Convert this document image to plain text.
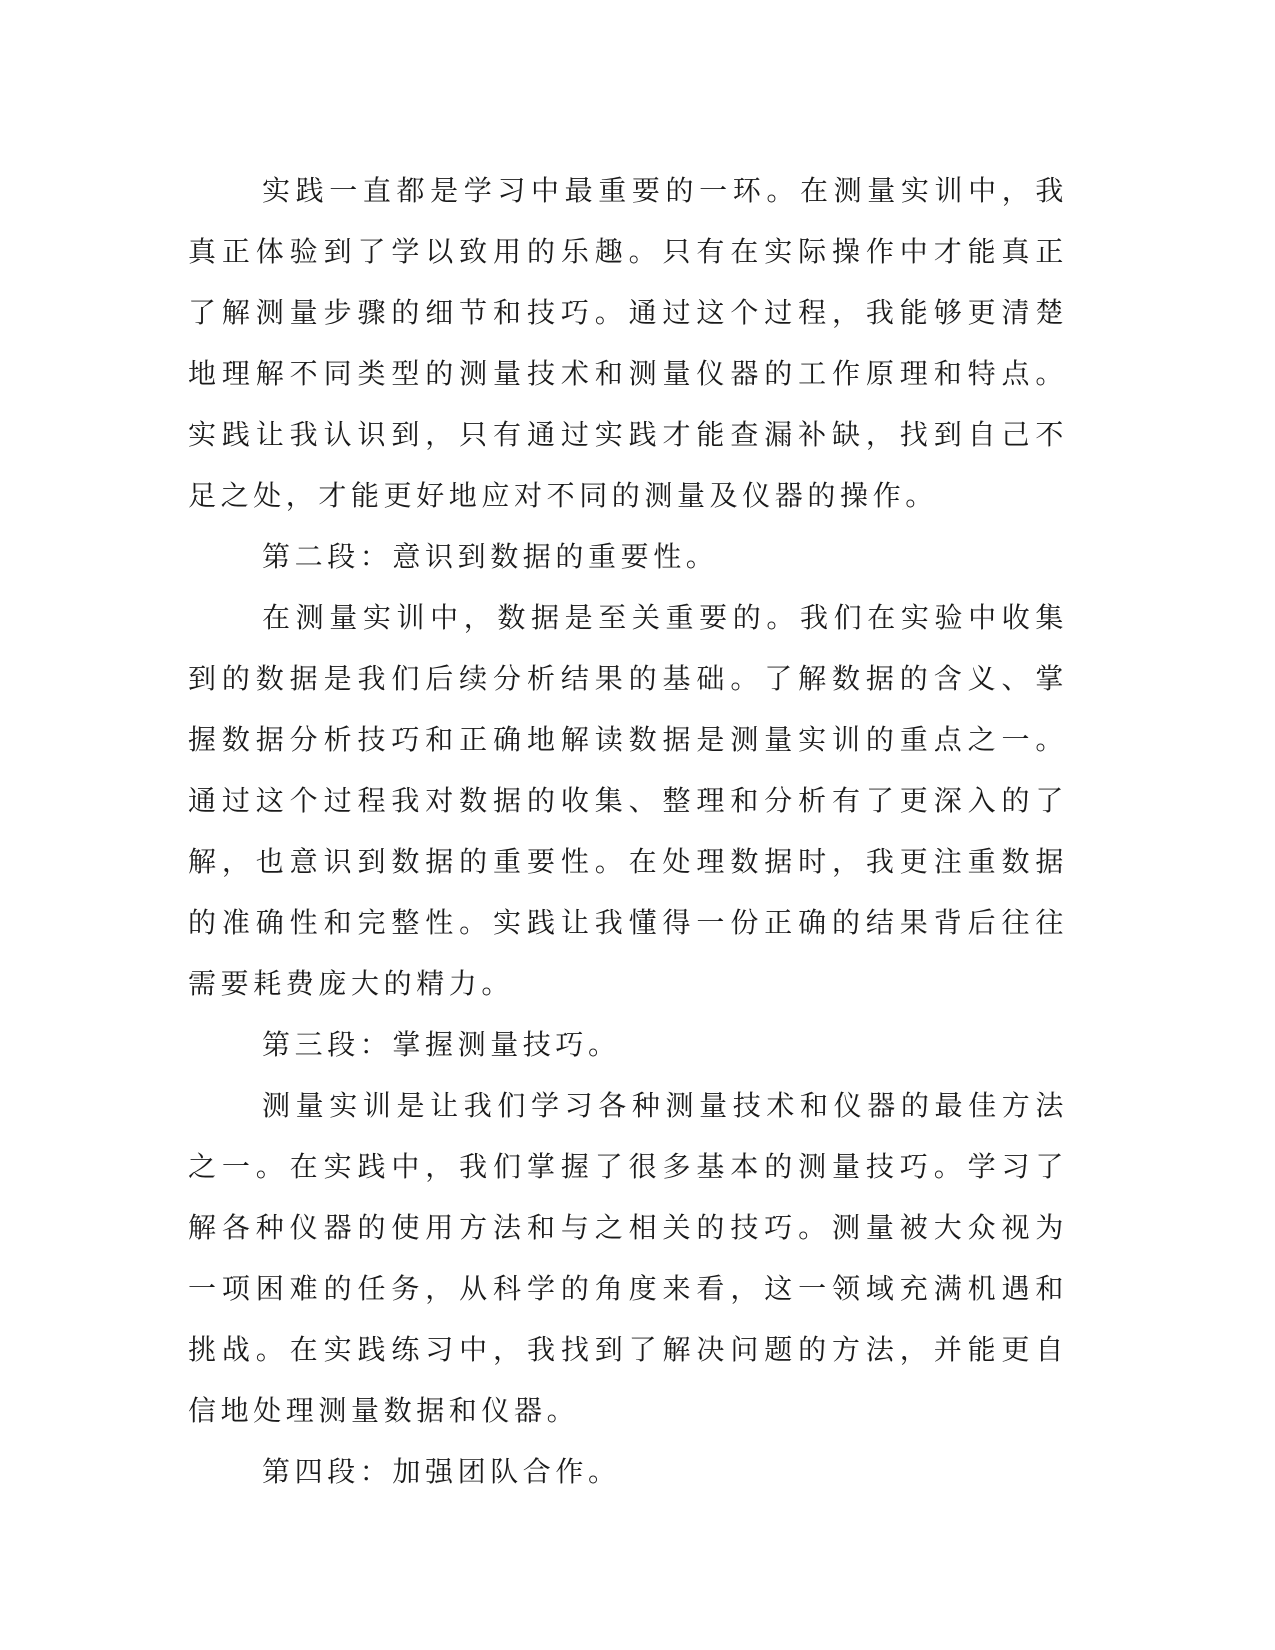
实践一直都是学习中最重要的一环。在测量实训中，我真正体验到了学以致用的乐趣。只有在实际操作中才能真正了解测量步骤的细节和技巧。通过这个过程，我能够更清楚地理解不同类型的测量技术和测量仪器的工作原理和特点。实践让我认识到，只有通过实践才能查漏补缺，找到自己不足之处，才能更好地应对不同的测量及仪器的操作。

第二段：意识到数据的重要性。

在测量实训中，数据是至关重要的。我们在实验中收集到的数据是我们后续分析结果的基础。了解数据的含义、掌握数据分析技巧和正确地解读数据是测量实训的重点之一。通过这个过程我对数据的收集、整理和分析有了更深入的了解，也意识到数据的重要性。在处理数据时，我更注重数据的准确性和完整性。实践让我懂得一份正确的结果背后往往需要耗费庞大的精力。

第三段：掌握测量技巧。

测量实训是让我们学习各种测量技术和仪器的最佳方法之一。在实践中，我们掌握了很多基本的测量技巧。学习了解各种仪器的使用方法和与之相关的技巧。测量被大众视为一项困难的任务，从科学的角度来看，这一领域充满机遇和挑战。在实践练习中，我找到了解决问题的方法，并能更自信地处理测量数据和仪器。

第四段：加强团队合作。
